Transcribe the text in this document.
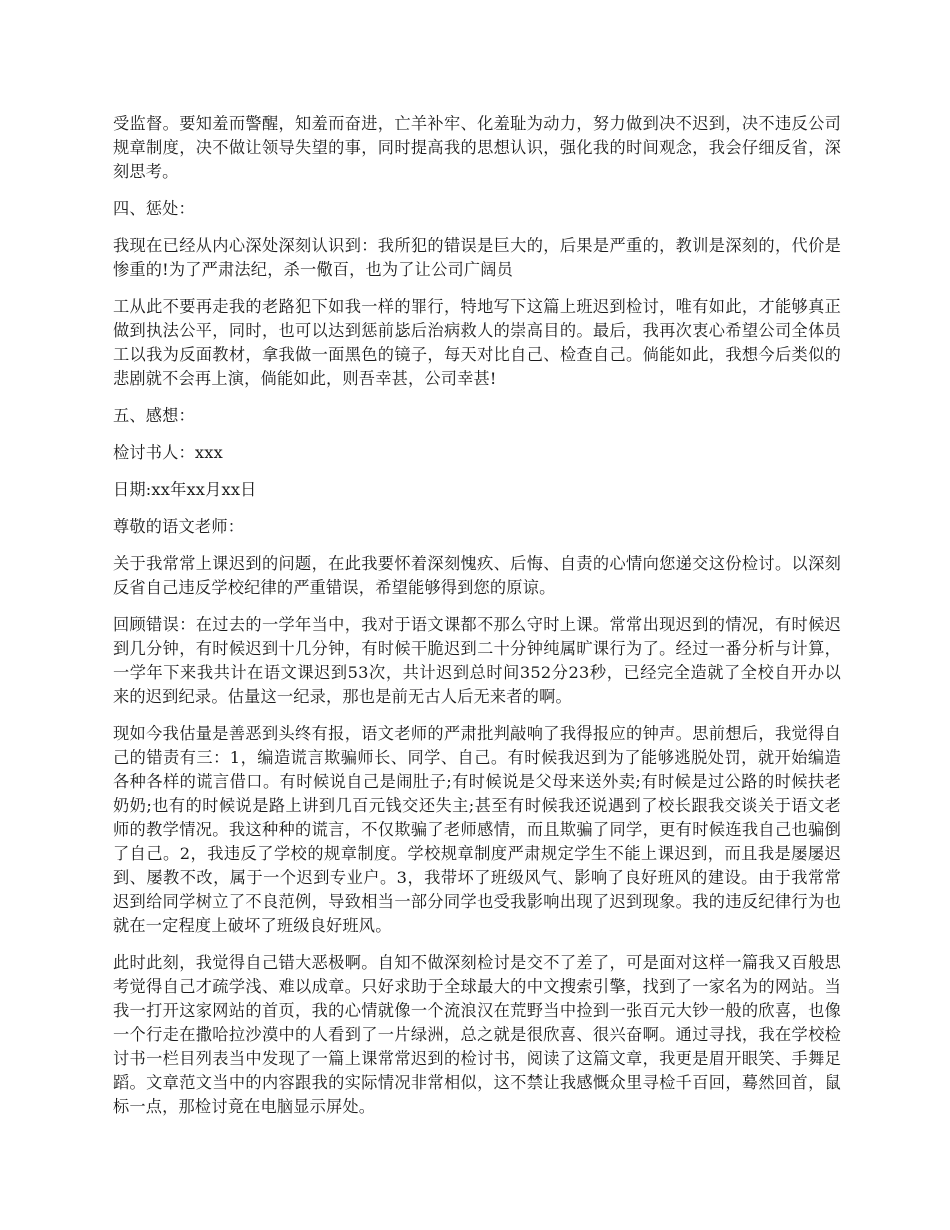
受监督。要知羞而警醒，知羞而奋进，亡羊补牢、化羞耻为动力，努力做到决不迟到，决不违反公司规章制度，决不做让领导失望的事，同时提高我的思想认识，强化我的时间观念，我会仔细反省，深刻思考。

四、惩处：

我现在已经从内心深处深刻认识到：我所犯的错误是巨大的，后果是严重的，教训是深刻的，代价是惨重的!为了严肃法纪，杀一儆百，也为了让公司广阔员

工从此不要再走我的老路犯下如我一样的罪行，特地写下这篇上班迟到检讨，唯有如此，才能够真正做到执法公平，同时，也可以达到惩前毖后治病救人的崇高目的。最后，我再次衷心希望公司全体员工以我为反面教材，拿我做一面黑色的镜子，每天对比自己、检查自己。倘能如此，我想今后类似的悲剧就不会再上演，倘能如此，则吾幸甚，公司幸甚!

五、感想：

检讨书人：xxx

日期:xx年xx月xx日

尊敬的语文老师：

关于我常常上课迟到的问题，在此我要怀着深刻愧疚、后悔、自责的心情向您递交这份检讨。以深刻反省自己违反学校纪律的严重错误，希望能够得到您的原谅。

回顾错误：在过去的一学年当中，我对于语文课都不那么守时上课。常常出现迟到的情况，有时候迟到几分钟，有时候迟到十几分钟，有时候干脆迟到二十分钟纯属旷课行为了。经过一番分析与计算，一学年下来我共计在语文课迟到53次，共计迟到总时间352分23秒，已经完全造就了全校自开办以来的迟到纪录。估量这一纪录，那也是前无古人后无来者的啊。

现如今我估量是善恶到头终有报，语文老师的严肃批判敲响了我得报应的钟声。思前想后，我觉得自己的错责有三：1，编造谎言欺骗师长、同学、自己。有时候我迟到为了能够逃脱处罚，就开始编造各种各样的谎言借口。有时候说自己是闹肚子;有时候说是父母来送外卖;有时候是过公路的时候扶老奶奶;也有的时候说是路上讲到几百元钱交还失主;甚至有时候我还说遇到了校长跟我交谈关于语文老师的教学情况。我这种种的谎言，不仅欺骗了老师感情，而且欺骗了同学，更有时候连我自己也骗倒了自己。2，我违反了学校的规章制度。学校规章制度严肃规定学生不能上课迟到，而且我是屡屡迟到、屡教不改，属于一个迟到专业户。3，我带坏了班级风气、影响了良好班风的建设。由于我常常迟到给同学树立了不良范例，导致相当一部分同学也受我影响出现了迟到现象。我的违反纪律行为也就在一定程度上破坏了班级良好班风。

此时此刻，我觉得自己错大恶极啊。自知不做深刻检讨是交不了差了，可是面对这样一篇我又百般思考觉得自己才疏学浅、难以成章。只好求助于全球最大的中文搜索引擎，找到了一家名为的网站。当我一打开这家网站的首页，我的心情就像一个流浪汉在荒野当中捡到一张百元大钞一般的欣喜，也像一个行走在撒哈拉沙漠中的人看到了一片绿洲，总之就是很欣喜、很兴奋啊。通过寻找，我在学校检讨书一栏目列表当中发现了一篇上课常常迟到的检讨书，阅读了这篇文章，我更是眉开眼笑、手舞足蹈。文章范文当中的内容跟我的实际情况非常相似，这不禁让我感慨众里寻检千百回，蓦然回首，鼠标一点，那检讨竟在电脑显示屏处。
